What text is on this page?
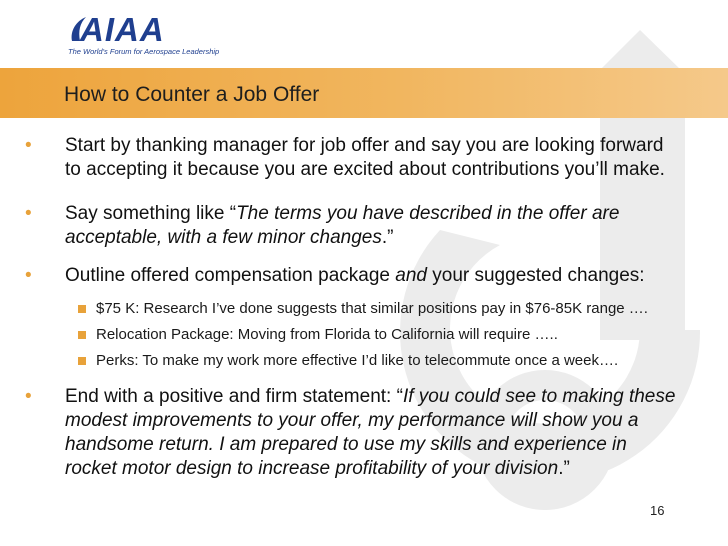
AIAA
The World's Forum for Aerospace Leadership
How to Counter a Job Offer
• Start by thanking manager for job offer and say you are looking forward
to accepting it because you are excited about contributions you’ll make.
• Say something like “The terms you have described in the offer are
acceptable, with a few minor changes.”
• Outline offered compensation package and your suggested changes:
$75 K: Research I’ve done suggests that similar positions pay in $76-85K range ….
Relocation Package: Moving from Florida to California will require …..
Perks: To make my work more effective I’d like to telecommute once a week….
• End with a positive and firm statement: “If you could see to making these
modest improvements to your offer, my performance will show you a
handsome return. I am prepared to use my skills and experience in
rocket motor design to increase profitability of your division.”
16
